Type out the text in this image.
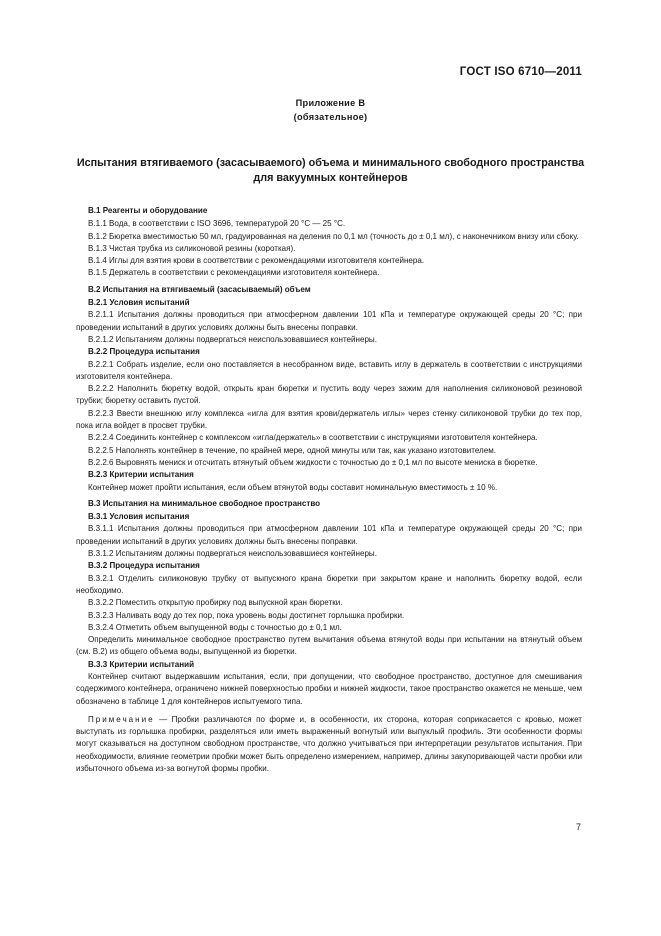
ГОСТ ISO 6710—2011
Приложение В
(обязательное)
Испытания втягиваемого (засасываемого) объема и минимального свободного пространства
для вакуумных контейнеров

В.1 Реагенты и оборудование

В.1.1 Вода, в соответствии с ISO 3696, температурой 20 °С — 25 °С.

В.1.2 Бюретка вместимостью 50 мл, градуированная на деления по 0,1 мл (точность до ± 0,1 мл), с наконечником внизу или сбоку.

В.1.3 Чистая трубка из силиконовой резины (короткая).

В.1.4 Иглы для взятия крови в соответствии с рекомендациями изготовителя контейнера.

В.1.5 Держатель в соответствии с рекомендациями изготовителя контейнера.

В.2 Испытания на втягиваемый (засасываемый) объем

В.2.1 Условия испытаний

В.2.1.1 Испытания должны проводиться при атмосферном давлении 101 кПа и температуре окружающей среды 20 °С; при проведении испытаний в других условиях должны быть внесены поправки.

В.2.1.2 Испытаниям должны подвергаться неиспользовавшиеся контейнеры.

В.2.2 Процедура испытания

В.2.2.1 Собрать изделие, если оно поставляется в несобранном виде, вставить иглу в держатель в соответствии с инструкциями изготовителя контейнера.

В.2.2.2 Наполнить бюретку водой, открыть кран бюретки и пустить воду через зажим для наполнения силиконовой резиновой трубки; бюретку оставить пустой.

В.2.2.3 Ввести внешнюю иглу комплекса «игла для взятия крови/держатель иглы» через стенку силиконовой трубки до тех пор, пока игла войдет в просвет трубки.

В.2.2.4 Соединить контейнер с комплексом «игла/держатель» в соответствии с инструкциями изготовителя контейнера.

В.2.2.5 Наполнять контейнер в течение, по крайней мере, одной минуты или так, как указано изготовителем.

В.2.2.6 Выровнять мениск и отсчитать втянутый объем жидкости с точностью до ± 0,1 мл по высоте мениска в бюретке.

В.2.3 Критерии испытания

Контейнер может пройти испытания, если объем втянутой воды составит номинальную вместимость ± 10 %.

В.3 Испытания на минимальное свободное пространство

В.3.1 Условия испытания

В.3.1.1 Испытания должны проводиться при атмосферном давлении 101 кПа и температуре окружающей среды 20 °С; при проведении испытаний в других условиях должны быть внесены поправки.

В.3.1.2 Испытаниям должны подвергаться неиспользовавшиеся контейнеры.

В.3.2 Процедура испытания

В.3.2.1 Отделить силиконовую трубку от выпускного крана бюретки при закрытом кране и наполнить бюретку водой, если необходимо.

В.3.2.2 Поместить открытую пробирку под выпускной кран бюретки.

В.3.2.3 Наливать воду до тех пор, пока уровень воды достигнет горлышка пробирки.

В.3.2.4 Отметить объем выпущенной воды с точностью до ± 0,1 мл.

Определить минимальное свободное пространство путем вычитания объема втянутой воды при испытании на втянутый объем (см. В.2) из общего объема воды, выпущенной из бюретки.

В.3.3 Критерии испытаний

Контейнер считают выдержавшим испытания, если, при допущении, что свободное пространство, доступное для смешивания содержимого контейнера, ограничено нижней поверхностью пробки и нижней жидкости, такое пространство окажется не меньше, чем обозначено в таблице 1 для контейнеров испытуемого типа.

Примечание — Пробки различаются по форме и, в особенности, их сторона, которая соприкасается с кровью, может выступать из горлышка пробирки, разделяться или иметь выраженный вогнутый или выпуклый профиль. Эти особенности формы могут сказываться на доступном свободном пространстве, что должно учитываться при интерпретации результатов испытания. При необходимости, влияние геометрии пробки может быть определено измерением, например, длины закупоривающей части пробки или избыточного объема из-за вогнутой формы пробки.

7
